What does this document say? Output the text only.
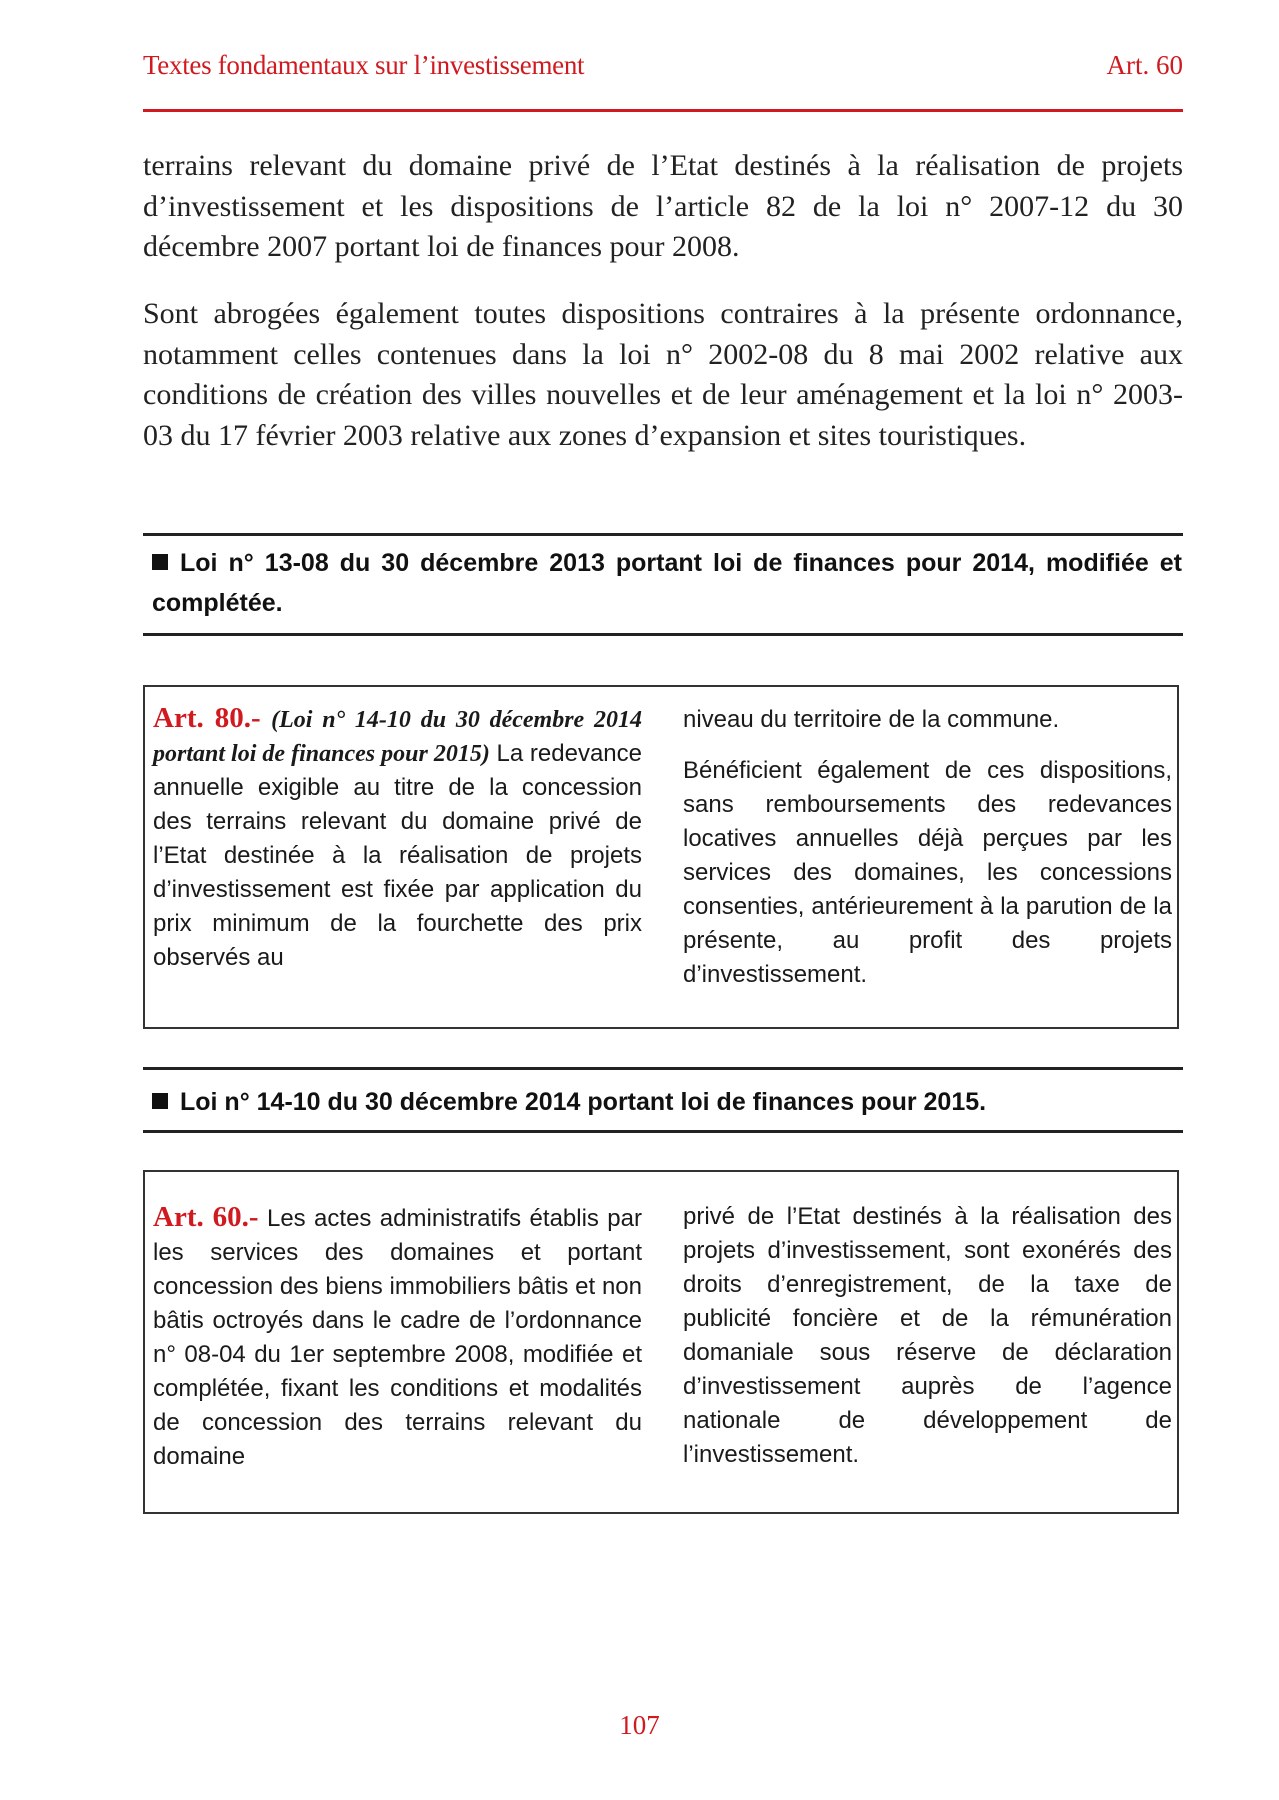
Textes fondamentaux sur l’investissement	Art. 60

terrains relevant du domaine privé de l’Etat destinés à la réalisation de projets d’investissement et les dispositions de l’article 82 de la loi n° 2007-12 du 30 décembre 2007 portant loi de finances pour 2008.

Sont abrogées également toutes dispositions contraires à la présente ordonnance, notamment celles contenues dans la loi n° 2002-08 du 8 mai 2002 relative aux conditions de création des villes nouvelles et de leur aménagement et la loi n° 2003-03 du 17 février 2003 relative aux zones d’expansion et sites touristiques.

Loi n° 13-08 du 30 décembre 2013 portant loi de finances pour 2014, modifiée et complétée.

Art. 80.- (Loi n° 14-10 du 30 décembre 2014 portant loi de finances pour 2015) La redevance annuelle exigible au titre de la concession des terrains relevant du domaine privé de l’Etat destinée à la réalisation de projets d’investissement est fixée par application du prix minimum de la fourchette des prix observés au

niveau du territoire de la commune.

Bénéficient également de ces dispositions, sans remboursements des redevances locatives annuelles déjà perçues par les services des domaines, les concessions consenties, antérieurement à la parution de la présente, au profit des projets d’investissement.

Loi n° 14-10 du 30 décembre 2014 portant loi de finances pour 2015.

Art. 60.- Les actes administratifs établis par les services des domaines et portant concession des biens immobiliers bâtis et non bâtis octroyés dans le cadre de l’ordonnance n° 08-04 du 1er septembre 2008, modifiée et complétée, fixant les conditions et modalités de concession des terrains relevant du domaine

privé de l’Etat destinés à la réalisation des projets d’investissement, sont exonérés des droits d’enregistrement, de la taxe de publicité foncière et de la rémunération domaniale sous réserve de déclaration d’investissement auprès de l’agence nationale de développement de l’investissement.

107
